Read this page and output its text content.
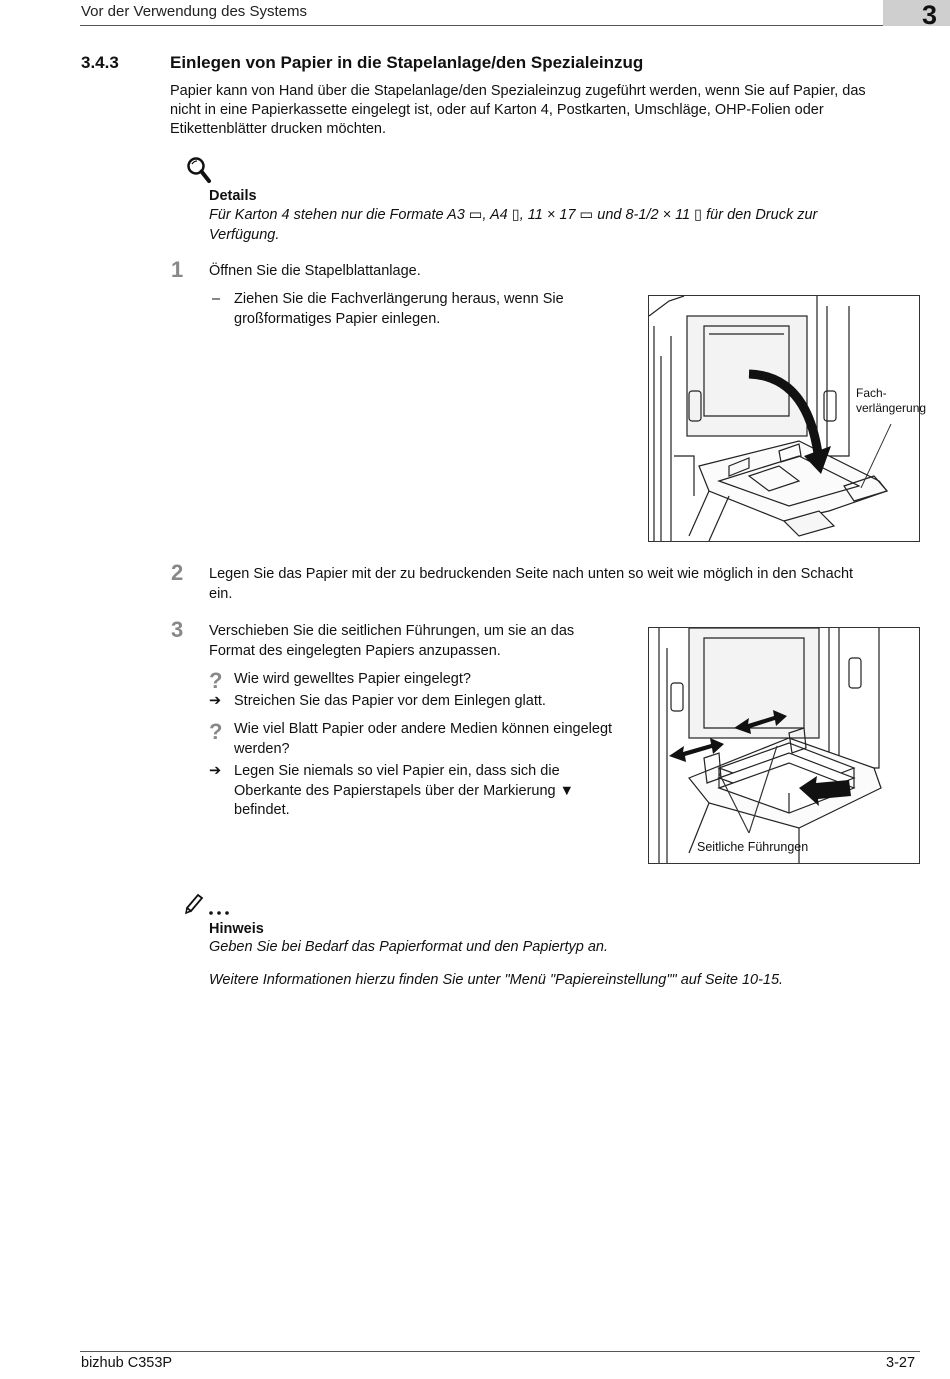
Vor der Verwendung des Systems	3
3.4.3	Einlegen von Papier in die Stapelanlage/den Spezialeinzug
Papier kann von Hand über die Stapelanlage/den Spezialeinzug zugeführt werden, wenn Sie auf Papier, das
nicht in eine Papierkassette eingelegt ist, oder auf Karton 4, Postkarten, Umschläge, OHP-Folien oder
Etikettenblätter drucken möchten.
Details
Für Karton 4 stehen nur die Formate A3 ▭, A4 ▯, 11 × 17 ▭ und 8-1/2 × 11 ▯ für den Druck zur
Verfügung.
1 Öffnen Sie die Stapelblattanlage.
– Ziehen Sie die Fachverlängerung heraus, wenn Sie
großformatiges Papier einlegen.
Fach-
verlängerung
2 Legen Sie das Papier mit der zu bedruckenden Seite nach unten so weit wie möglich in den Schacht
ein.
3 Verschieben Sie die seitlichen Führungen, um sie an das
Format des eingelegten Papiers anzupassen.
? Wie wird gewelltes Papier eingelegt?
➔ Streichen Sie das Papier vor dem Einlegen glatt.
? Wie viel Blatt Papier oder andere Medien können eingelegt
werden?
➔ Legen Sie niemals so viel Papier ein, dass sich die
Oberkante des Papierstapels über der Markierung ▼
befindet.
Seitliche Führungen
Hinweis
Geben Sie bei Bedarf das Papierformat und den Papiertyp an.
Weitere Informationen hierzu finden Sie unter "Menü "Papiereinstellung"" auf Seite 10-15.
bizhub C353P	3-27
